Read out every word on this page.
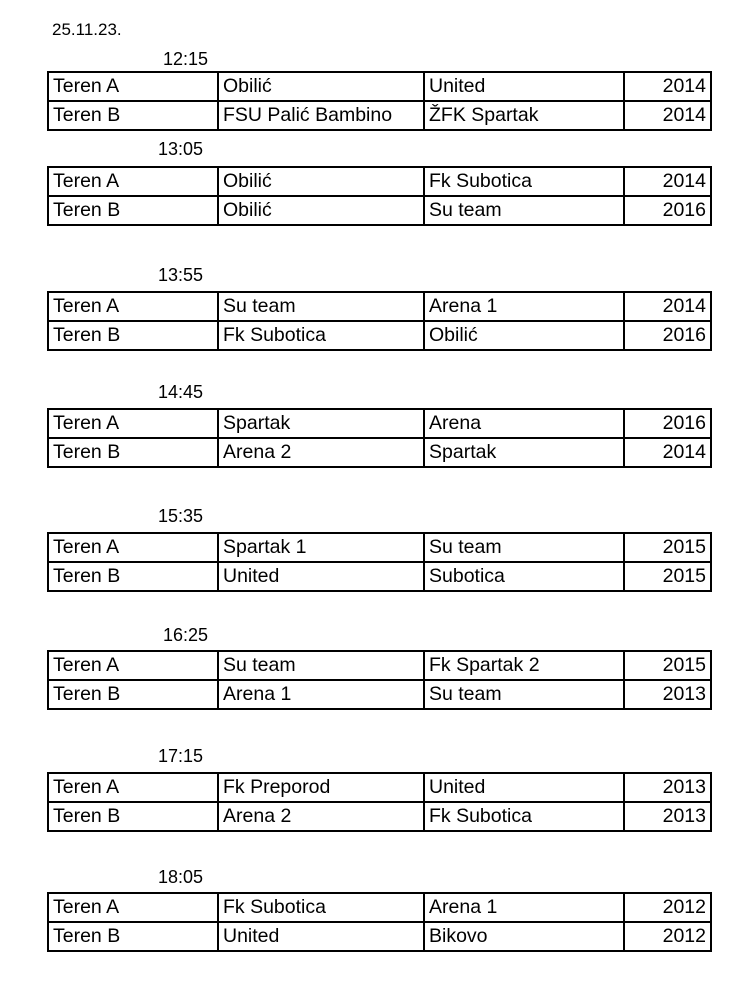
25.11.23.
12:15
Teren A	Obilić	United	2014
Teren B	FSU Palić Bambino	ŽFK Spartak	2014
13:05
Teren A	Obilić	Fk Subotica	2014
Teren B	Obilić	Su team	2016
13:55
Teren A	Su team	Arena 1	2014
Teren B	Fk Subotica	Obilić	2016
14:45
Teren A	Spartak	Arena	2016
Teren B	Arena 2	Spartak	2014
15:35
Teren A	Spartak 1	Su team	2015
Teren B	United	Subotica	2015
16:25
Teren A	Su team	Fk Spartak 2	2015
Teren B	Arena 1	Su team	2013
17:15
Teren A	Fk Preporod	United	2013
Teren B	Arena 2	Fk Subotica	2013
18:05
Teren A	Fk Subotica	Arena 1	2012
Teren B	United	Bikovo	2012
